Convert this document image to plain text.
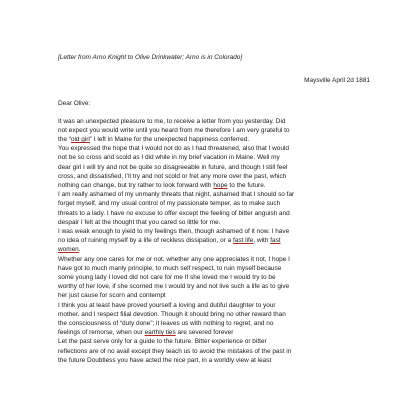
[Letter from Arno Knight to Olive Drinkwater; Arno is in Colorado]
Maysville April 2d 1881
Dear Olive:
It was an unexpected pleasure to me, to receive a letter from you yesterday. Did
not expect you would write until you heard from me therefore I am very grateful to
the “old girl” I left in Maine for the unexpected happiness conferred.
You expressed the hope that I would not do as I had threatened, also that I would
not be so cross and scold as I did while in my brief vacation in Maine. Well my
dear girl I will try and not be quite so disagreeable in future, and though I still feel
cross, and dissatisfied, I’ll try and not scold or fret any more over the past, which
nothing can change, but try rather to look forward with hope to the future.
I am really ashamed of my unmanly threats that night, ashamed that I should so far
forget myself, and my usual control of my passionate temper, as to make such
threats to a lady. I have no excuse to offer except the feeling of bitter anguish and
despair I felt at the thought that you cared so little for me.
I was weak enough to yield to my feelings then, though ashamed of it now. I have
no idea of ruining myself by a life of reckless dissipation, or a fast life, with fast
women.
Whether any one cares for me or not, whether any one appreciates it not, I hope I
have got to much manly principle, to much self respect, to ruin myself because
some young lady I loved did not care for me If she loved me I would try to be
worthy of her love, if she scorned me I would try and not live such a life as to give
her just cause for scorn and contempt
I think you at least have proved yourself a loving and dutiful daughter to your
mother, and I respect filial devotion. Though it should bring no other reward than
the consciousness of “duty done”; it leaves us with nothing to regret, and no
feelings of remorse, when our earthly ties are severed forever
Let the past serve only for a guide to the future. Bitter experience or bitter
reflections are of no avail except they teach us to avoid the mistakes of the past in
the future Doubtless you have acted the nice part, in a worldly view at least
